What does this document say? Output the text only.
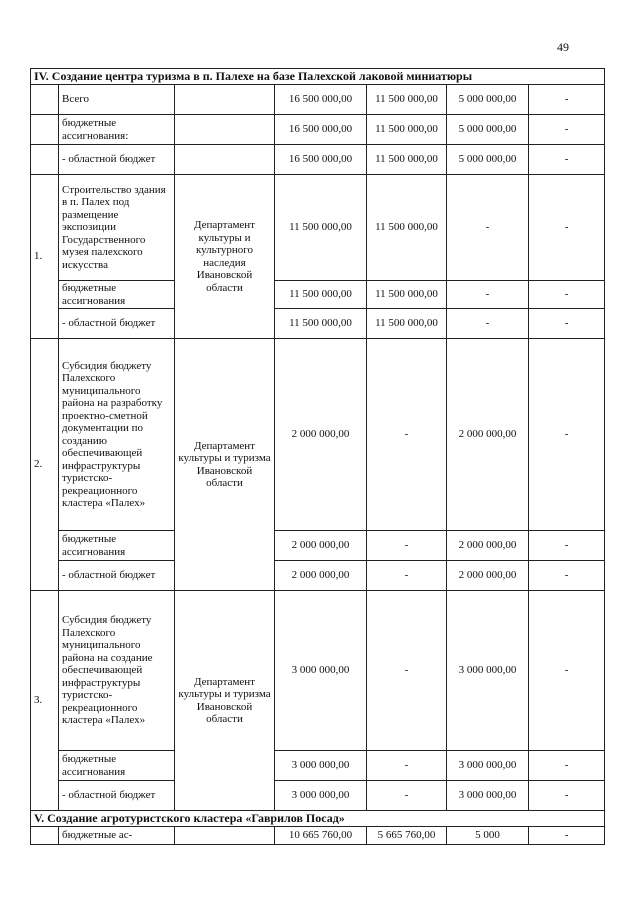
49
IV. Создание центра туризма в п. Палехе на базе Палехской лаковой миниатюры						
	Всего		16 500 000,00	11 500 000,00	5 000 000,00	-
	бюджетные ассигнования:		16 500 000,00	11 500 000,00	5 000 000,00	-
	- областной бюджет		16 500 000,00	11 500 000,00	5 000 000,00	-
1.	Строительство здания в п. Палех под размещение экспозиции Государственного музея палехского искусства	Департамент культуры и культурного наследия Ивановской области	11 500 000,00	11 500 000,00	-	-
	бюджетные ассигнования		11 500 000,00	11 500 000,00	-	-
	- областной бюджет		11 500 000,00	11 500 000,00	-	-
2.	Субсидия бюджету Палехского муниципального района на разработку проектно-сметной документации по созданию обеспечивающей инфраструктуры туристско-рекреационного кластера «Палех»	Департамент культуры и туризма Ивановской области	2 000 000,00	-	2 000 000,00	-
	бюджетные ассигнования		2 000 000,00	-	2 000 000,00	-
	- областной бюджет		2 000 000,00	-	2 000 000,00	-
3.	Субсидия бюджету Палехского муниципального района на создание обеспечивающей инфраструктуры туристско-рекреационного кластера «Палех»	Департамент культуры и туризма Ивановской области	3 000 000,00	-	3 000 000,00	-
	бюджетные ассигнования		3 000 000,00	-	3 000 000,00	-
	- областной бюджет		3 000 000,00	-	3 000 000,00	-
V. Создание агротуристского кластера «Гаврилов Посад»						
	бюджетные ас-		10 665 760,00	5 665 760,00	5 000	-
